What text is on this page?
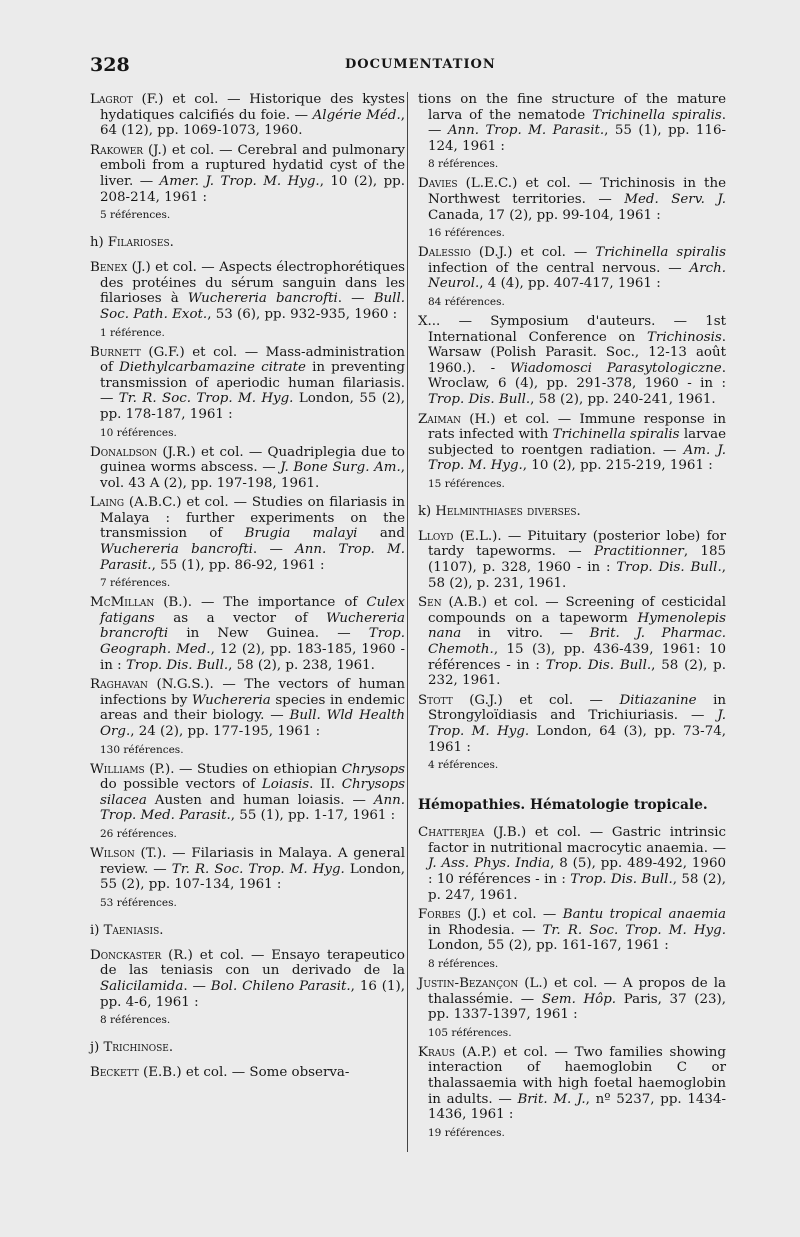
328	DOCUMENTATION

Lagrot (F.) et col. — Historique des kystes hydatiques calcifiés du foie. — Algérie Méd., 64 (12), pp. 1069-1073, 1960.

Rakower (J.) et col. — Cerebral and pulmonary emboli from a ruptured hydatid cyst of the liver. — Amer. J. Trop. M. Hyg., 10 (2), pp. 208-214, 1961 :

5 références.
h) Filarioses.

Benex (J.) et col. — Aspects électrophorétiques des protéines du sérum sanguin dans les filarioses à Wuchereria bancrofti. — Bull. Soc. Path. Exot., 53 (6), pp. 932-935, 1960 :

1 référence.

Burnett (G.F.) et col. — Mass-administration of Diethylcarbamazine citrate in preventing transmission of aperiodic human filariasis. — Tr. R. Soc. Trop. M. Hyg. London, 55 (2), pp. 178-187, 1961 :

10 références.

Donaldson (J.R.) et col. — Quadriplegia due to guinea worms abscess. — J. Bone Surg. Am., vol. 43 A (2), pp. 197-198, 1961.

Laing (A.B.C.) et col. — Studies on filariasis in Malaya : further experiments on the transmission of Brugia malayi and Wuchereria bancrofti. — Ann. Trop. M. Parasit., 55 (1), pp. 86-92, 1961 :

7 références.

McMillan (B.). — The importance of Culex fatigans as a vector of Wuchereria brancrofti in New Guinea. — Trop. Geograph. Med., 12 (2), pp. 183-185, 1960 - in : Trop. Dis. Bull., 58 (2), p. 238, 1961.

Raghavan (N.G.S.). — The vectors of human infections by Wuchereria species in endemic areas and their biology. — Bull. Wld Health Org., 24 (2), pp. 177-195, 1961 :

130 références.

Williams (P.). — Studies on ethiopian Chrysops do possible vectors of Loiasis. II. Chrysops silacea Austen and human loiasis. — Ann. Trop. Med. Parasit., 55 (1), pp. 1-17, 1961 :

26 références.

Wilson (T.). — Filariasis in Malaya. A general review. — Tr. R. Soc. Trop. M. Hyg. London, 55 (2), pp. 107-134, 1961 :

53 références.
i) Taeniasis.

Donckaster (R.) et col. — Ensayo terapeutico de las teniasis con un derivado de la Salicilamida. — Bol. Chileno Parasit., 16 (1), pp. 4-6, 1961 :

8 références.
j) Trichinose.

Beckett (E.B.) et col. — Some observa-

tions on the fine structure of the mature larva of the nematode Trichinella spiralis. — Ann. Trop. M. Parasit., 55 (1), pp. 116-124, 1961 :

8 références.

Davies (L.E.C.) et col. — Trichinosis in the Northwest territories. — Med. Serv. J. Canada, 17 (2), pp. 99-104, 1961 :

16 références.

Dalessio (D.J.) et col. — Trichinella spiralis infection of the central nervous. — Arch. Neurol., 4 (4), pp. 407-417, 1961 :

84 références.

X... — Symposium d'auteurs. — 1st International Conference on Trichinosis. Warsaw (Polish Parasit. Soc., 12-13 août 1960.). - Wiadomosci Parasytologiczne. Wroclaw, 6 (4), pp. 291-378, 1960 - in : Trop. Dis. Bull., 58 (2), pp. 240-241, 1961.

Zaiman (H.) et col. — Immune response in rats infected with Trichinella spiralis larvae subjected to roentgen radiation. — Am. J. Trop. M. Hyg., 10 (2), pp. 215-219, 1961 :

15 références.
k) Helminthiases diverses.

Lloyd (E.L.). — Pituitary (posterior lobe) for tardy tapeworms. — Practitionner, 185 (1107), p. 328, 1960 - in : Trop. Dis. Bull., 58 (2), p. 231, 1961.

Sen (A.B.) et col. — Screening of cesticidal compounds on a tapeworm Hymenolepis nana in vitro. — Brit. J. Pharmac. Chemoth., 15 (3), pp. 436-439, 1961: 10 références - in : Trop. Dis. Bull., 58 (2), p. 232, 1961.

Stott (G.J.) et col. — Ditiazanine in Strongyloïdiasis and Trichiuriasis. — J. Trop. M. Hyg. London, 64 (3), pp. 73-74, 1961 :

4 références.
Hémopathies. Hématologie tropicale.

Chatterjea (J.B.) et col. — Gastric intrinsic factor in nutritional macrocytic anaemia. — J. Ass. Phys. India, 8 (5), pp. 489-492, 1960 : 10 références - in : Trop. Dis. Bull., 58 (2), p. 247, 1961.

Forbes (J.) et col. — Bantu tropical anaemia in Rhodesia. — Tr. R. Soc. Trop. M. Hyg. London, 55 (2), pp. 161-167, 1961 :

8 références.

Justin-Bezançon (L.) et col. — A propos de la thalassémie. — Sem. Hôp. Paris, 37 (23), pp. 1337-1397, 1961 :

105 références.

Kraus (A.P.) et col. — Two families showing interaction of haemoglobin C or thalassaemia with high foetal haemoglobin in adults. — Brit. M. J., nº 5237, pp. 1434-1436, 1961 :

19 références.
